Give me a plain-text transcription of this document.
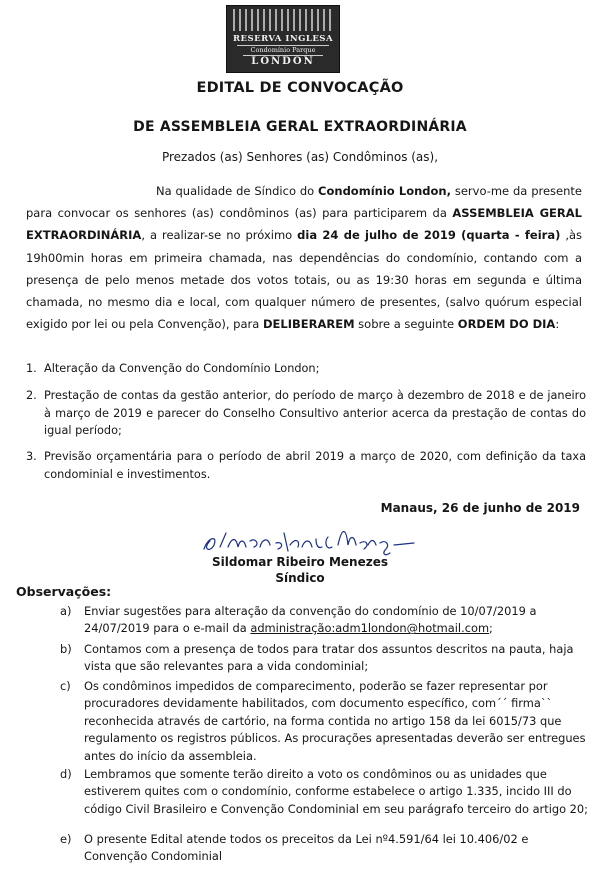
RESERVA INGLESA
Condomínio Parque
LONDON
EDITAL DE CONVOCAÇÃO
DE ASSEMBLEIA GERAL EXTRAORDINÁRIA
Prezados (as) Senhores (as) Condôminos (as),
Na qualidade de Síndico do Condomínio London, servo-me da presente para convocar os senhores (as) condôminos (as) para participarem da ASSEMBLEIA GERAL EXTRAORDINÁRIA, a realizar-se no próximo dia 24 de julho de 2019 (quarta - feira) ,às 19h00min horas em primeira chamada, nas dependências do condomínio, contando com a presença de pelo menos metade dos votos totais, ou as 19:30 horas em segunda e última chamada, no mesmo dia e local, com qualquer número de presentes, (salvo quórum especial exigido por lei ou pela Convenção), para DELIBERAREM sobre a seguinte ORDEM DO DIA:
1. Alteração da Convenção do Condomínio London;
2. Prestação de contas da gestão anterior, do período de março à dezembro de 2018 e de janeiro à março de 2019 e parecer do Conselho Consultivo anterior acerca da prestação de contas do igual período;
3. Previsão orçamentária para o período de abril 2019 a março de 2020, com definição da taxa condominial e investimentos.
Manaus, 26 de junho de 2019
Sildomar Ribeiro Menezes
Síndico
Observações:
a) Enviar sugestões para alteração da convenção do condomínio de 10/07/2019 a 24/07/2019 para o e-mail da administração:adm1london@hotmail.com;
b) Contamos com a presença de todos para tratar dos assuntos descritos na pauta, haja vista que são relevantes para a vida condominial;
c) Os condôminos impedidos de comparecimento, poderão se fazer representar por procuradores devidamente habilitados, com documento específico, com´´ firma`` reconhecida através de cartório, na forma contida no artigo 158 da lei 6015/73 que regulamento os registros públicos. As procurações apresentadas deverão ser entregues antes do início da assembleia.
d) Lembramos que somente terão direito a voto os condôminos ou as unidades que estiverem quites com o condomínio, conforme estabelece o artigo 1.335, incido III do código Civil Brasileiro e Convenção Condominial em seu parágrafo terceiro do artigo 20;
e) O presente Edital atende todos os preceitos da Lei nº4.591/64 lei 10.406/02 e Convenção Condominial
